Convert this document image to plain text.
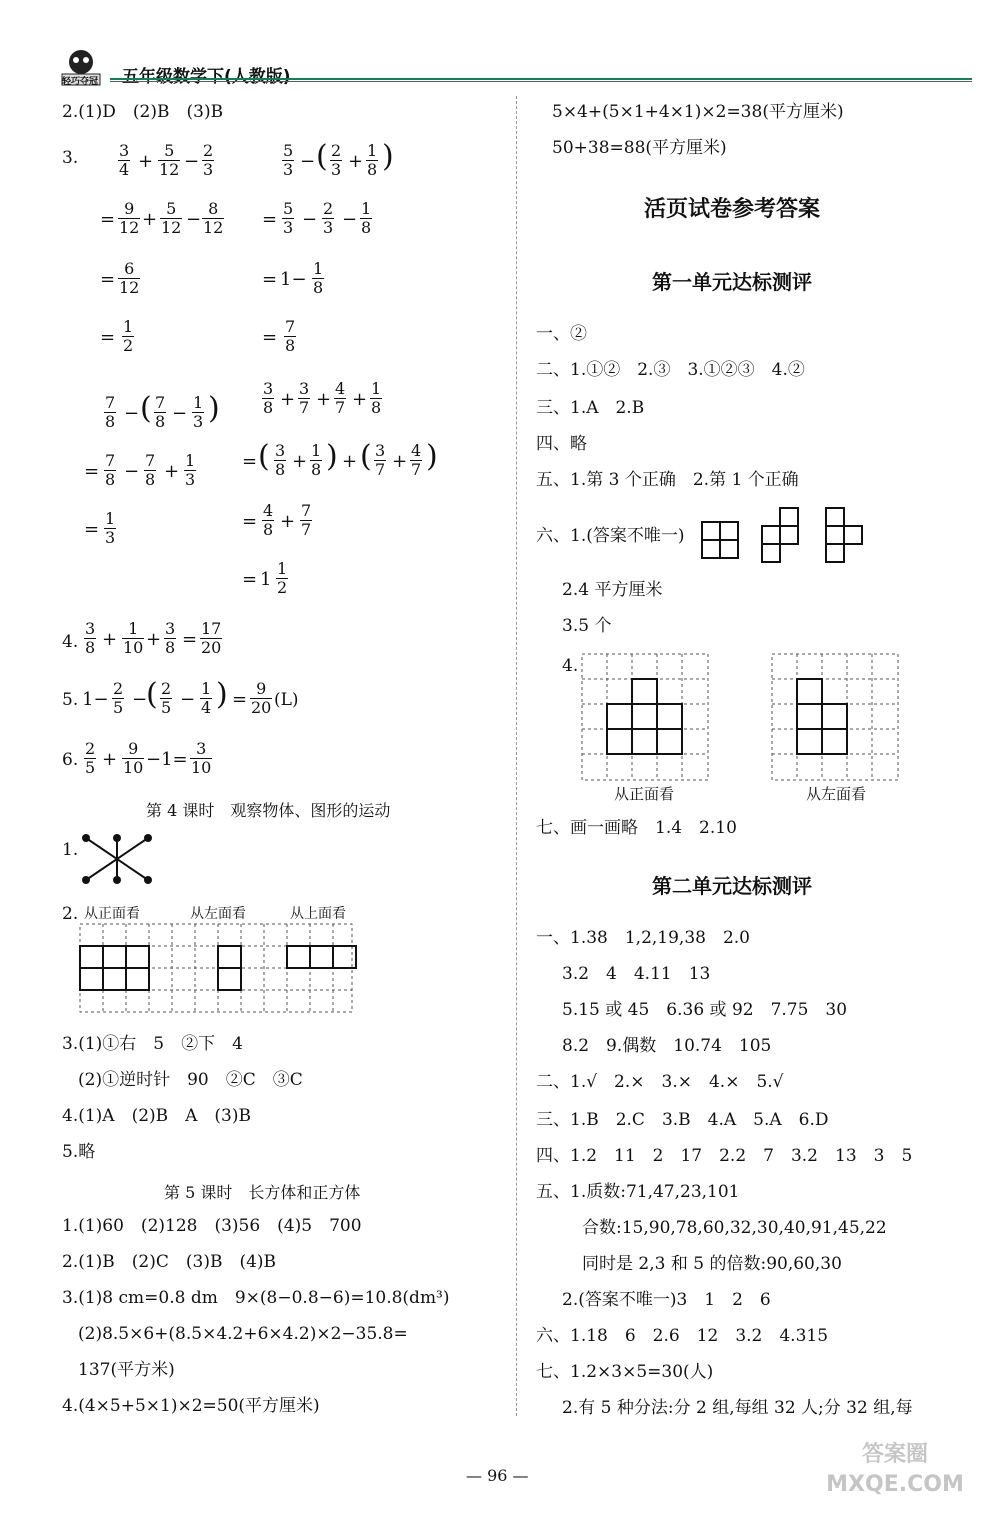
轻巧夺冠 五年级数学下(人教版)
2.(1)D　(2)B　(3)B
3. $\frac{3}{4} + \frac{5}{12} - \frac{2}{3}$
= $\frac{9}{12} + \frac{5}{12} - \frac{8}{12}$
= $\frac{6}{12}$
= $\frac{1}{2}$
$\frac{5}{3}$ − ( $\frac{2}{3} + \frac{1}{8}$ )
= $\frac{5}{3} - \frac{2}{3} - \frac{1}{8}$
= $1- \frac{1}{8}$
= $\frac{7}{8}$
$\frac{7}{8}$ − ( $\frac{7}{8} - \frac{1}{3}$ )
= $\frac{7}{8} - \frac{7}{8} + \frac{1}{3}$
= $\frac{1}{3}$
$\frac{3}{8} + \frac{3}{7} + \frac{4}{7} + \frac{1}{8}$
= ( $\frac{3}{8} + \frac{1}{8}$ ) + ( $\frac{3}{7} + \frac{4}{7}$ )
= $\frac{4}{8} + \frac{7}{7}$
= $1 \frac{1}{2}$
4. $\frac{3}{8} + \frac{1}{10} + \frac{3}{8} = \frac{17}{20}$
5. $1- \frac{2}{5}$ −
( $\frac{2}{5} - \frac{1}{4}$ ) = $\frac{9}{20} (L)$
6. $\frac{2}{5} + \frac{9}{10} -1= \frac{3}{10}$
第 4 课时　观察物体、图形的运动
1.
2. 从正面看	从左面看	从上面看
3.(1)①右　5　②下　4
(2)①逆时针　90　②C　③C
4.(1)A　(2)B　A　(3)B
5.略
第 5 课时　长方体和正方体
1.(1)60　(2)128　(3)56　(4)5　700
2.(1)B　(2)C　(3)B　(4)B
3.(1)8 cm=0.8 dm　9×(8−0.8−6)=10.8(dm³)
(2)8.5×6+(8.5×4.2+6×4.2)×2−35.8=
137(平方米)
4.(4×5+5×1)×2=50(平方厘米)
5×4+(5×1+4×1)×2=38(平方厘米)
50+38=88(平方厘米)
活页试卷参考答案
第一单元达标测评
一、②
二、1.①②　2.③　3.①②③　4.②
三、1.A　2.B
四、略
五、1.第 3 个正确　2.第 1 个正确
六、1.(答案不唯一)
2.4 平方厘米
3.5 个
4.
从正面看	从左面看
七、画一画略　1.4　2.10
第二单元达标测评
一、1.38　1,2,19,38　2.0
3.2　4　4.11　13
5.15 或 45　6.36 或 92　7.75　30
8.2　9.偶数　10.74　105
二、1.√　2.×　3.×　4.×　5.√
三、1.B　2.C　3.B　4.A　5.A　6.D
四、1.2　11　2　17　2.2　7　3.2　13　3　5
五、1.质数:71,47,23,101
合数:15,90,78,60,32,30,40,91,45,22
同时是 2,3 和 5 的倍数:90,60,30
2.(答案不唯一)3　1　2　6
六、1.18　6　2.6　12　3.2　4.315
七、1.2×3×5=30(人)
2.有 5 种分法:分 2 组,每组 32 人;分 32 组,每
— 96 —
答案圈 MXQE.COM
